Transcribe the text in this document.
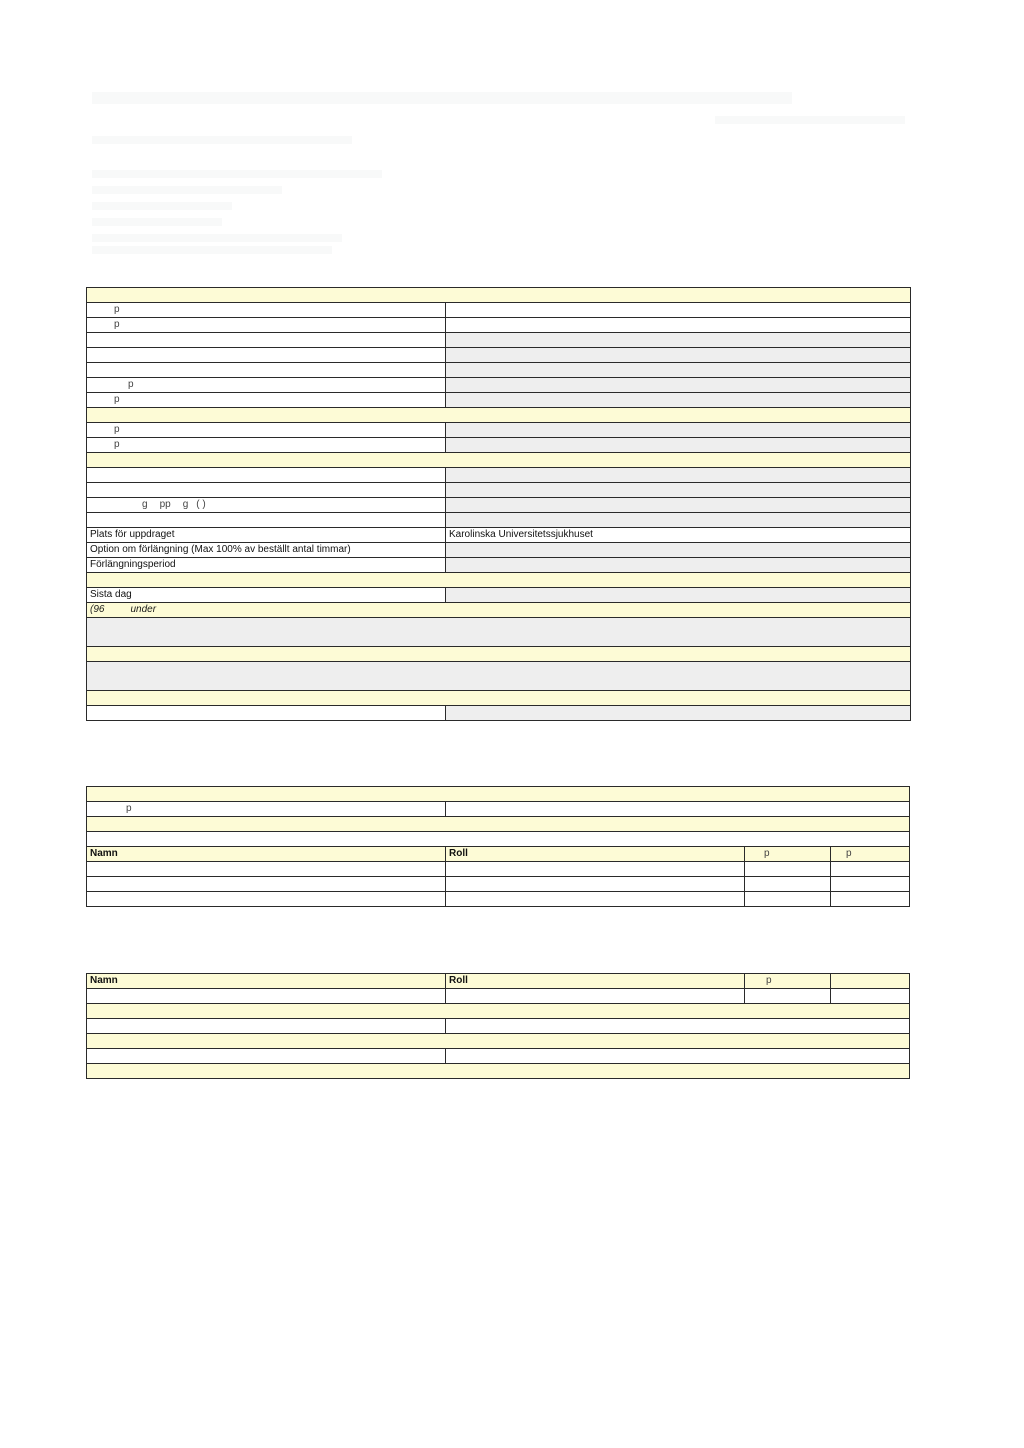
p	
p	

p	
p	

p	
p	

g pp g ( )	

Plats för uppdraget	Karolinska Universitetssjukhuset
Option om förlängning (Max 100% av beställt antal timmar)	
Förlängningsperiod	

Sista dag	
(96 under	

p			

Namn	Roll	p	p

Namn	Roll	p	
